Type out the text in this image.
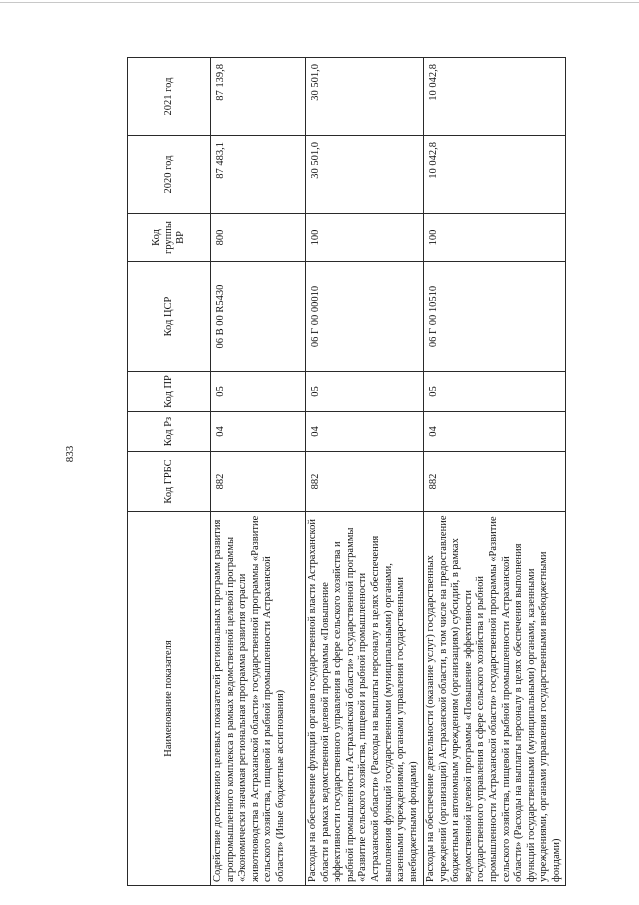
833
Наименование показателя	Код ГРБС	Код Рз	Код ПР	Код ЦСР	Код группы ВР	2020 год	2021 год
Содействие достижению целевых показателей региональных программ развития агропромышленного комплекса в рамках ведомственной целевой программы «Экономически значимая региональная программа развития отрасли животноводства в Астраханской области» государственной программы «Развитие сельского хозяйства, пищевой и рыбной промышленности Астраханской области» (Иные бюджетные ассигнования)	882	04	05	06 В 00 R5430	800	87 483,1	87 139,8
Расходы на обеспечение функций органов государственной власти Астраханской области в рамках ведомственной целевой программы «Повышение эффективности государственного управления в сфере сельского хозяйства и рыбной промышленности Астраханской области» государственной программы «Развитие сельского хозяйства, пищевой и рыбной промышленности Астраханской области» (Расходы на выплаты персоналу в целях обеспечения выполнения функций государственными (муниципальными) органами, казенными учреждениями, органами управления государственными внебюджетными фондами)	882	04	05	06 Г 00 00010	100	30 501,0	30 501,0
Расходы на обеспечение деятельности (оказание услуг) государственных учреждений (организаций) Астраханской области, в том числе на предоставление бюджетным и автономным учреждениям (организациям) субсидий, в рамках ведомственной целевой программы «Повышение эффективности государственного управления в сфере сельского хозяйства и рыбной промышленности Астраханской области» государственной программы «Развитие сельского хозяйства, пищевой и рыбной промышленности Астраханской области» (Расходы на выплаты персоналу в целях обеспечения выполнения функций государственными (муниципальными) органами, казенными учреждениями, органами управления государственными внебюджетными фондами)	882	04	05	06 Г 00 10510	100	10 042,8	10 042,8
